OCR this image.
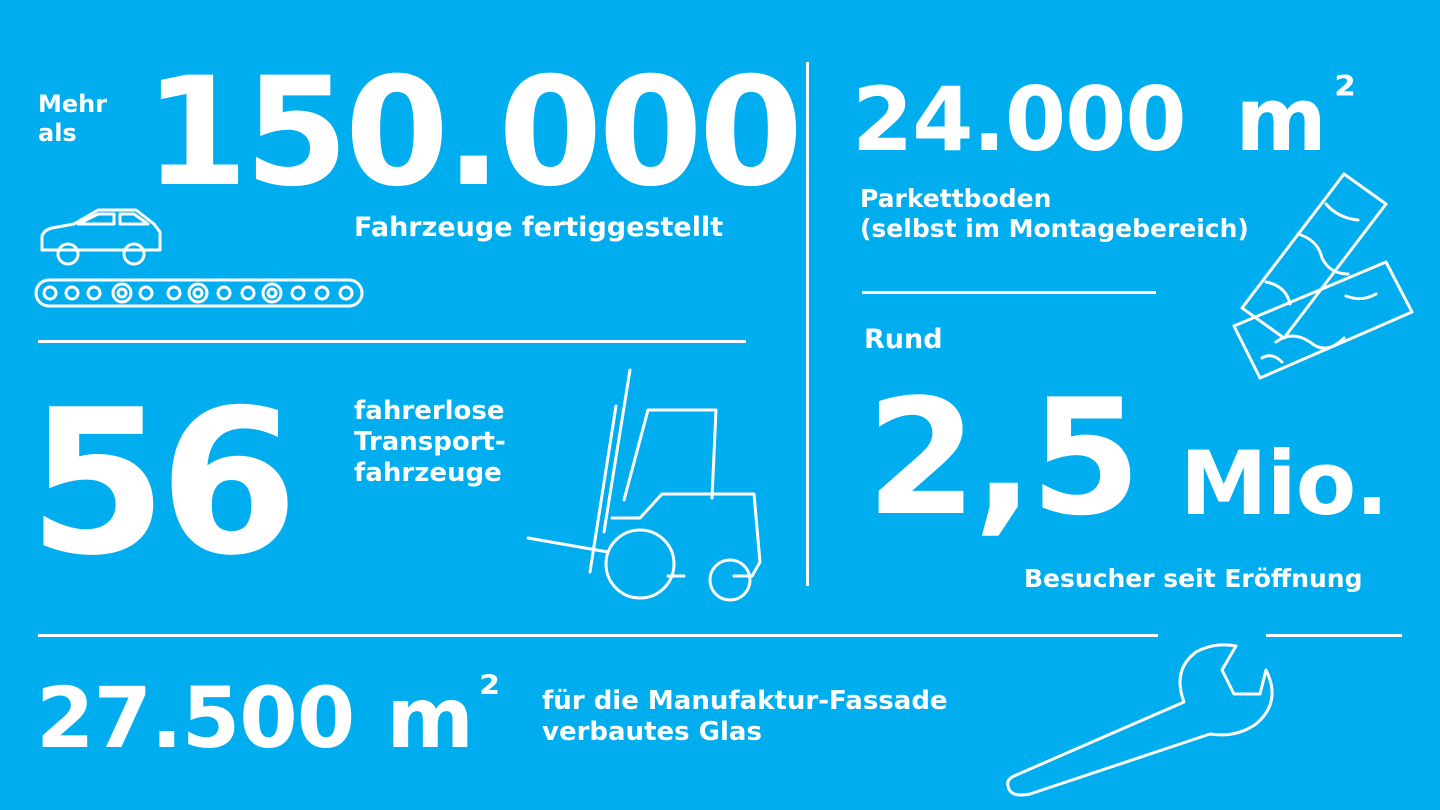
Mehr
als 150.000
Fahrzeuge fertiggestellt
24.000 m $^{^2}$
Parkettboden
(selbst im Montagebereich)
56 fahrerlose
Transport-
fahrzeuge
Rund
2,5 Mio.
Besucher seit Eröffnung
27.500 m $^{^2}$ für die Manufaktur-Fassade
verbautes Glas
